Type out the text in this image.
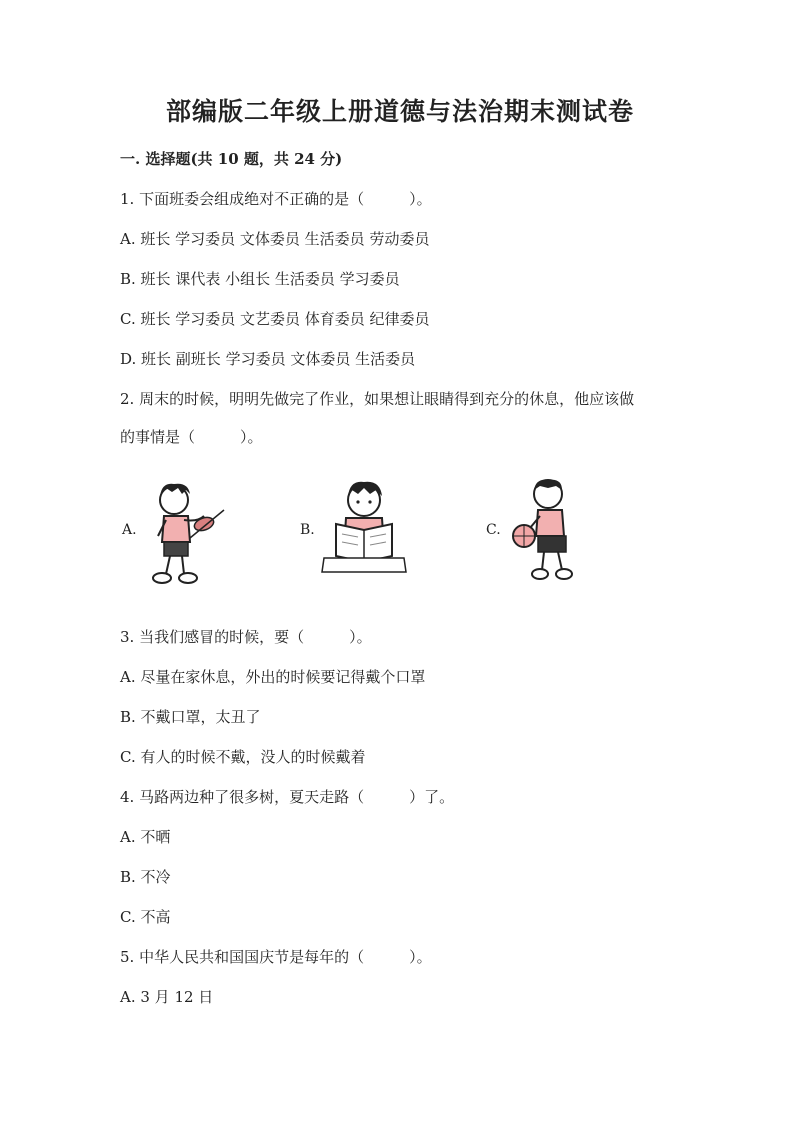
部编版二年级上册道德与法治期末测试卷
一. 选择题(共 10 题，共 24 分)
1. 下面班委会组成绝对不正确的是（　　　）。
A. 班长 学习委员 文体委员 生活委员 劳动委员
B. 班长 课代表 小组长 生活委员 学习委员
C. 班长 学习委员 文艺委员 体育委员 纪律委员
D. 班长 副班长 学习委员 文体委员 生活委员
2. 周末的时候，明明先做完了作业，如果想让眼睛得到充分的休息，他应该做
的事情是（　　　）。
A.	B.	C.
3. 当我们感冒的时候，要（　　　）。
A. 尽量在家休息，外出的时候要记得戴个口罩
B. 不戴口罩，太丑了
C. 有人的时候不戴，没人的时候戴着
4. 马路两边种了很多树，夏天走路（　　　）了。
A. 不晒
B. 不冷
C. 不高
5. 中华人民共和国国庆节是每年的（　　　）。
A. 3 月 12 日
